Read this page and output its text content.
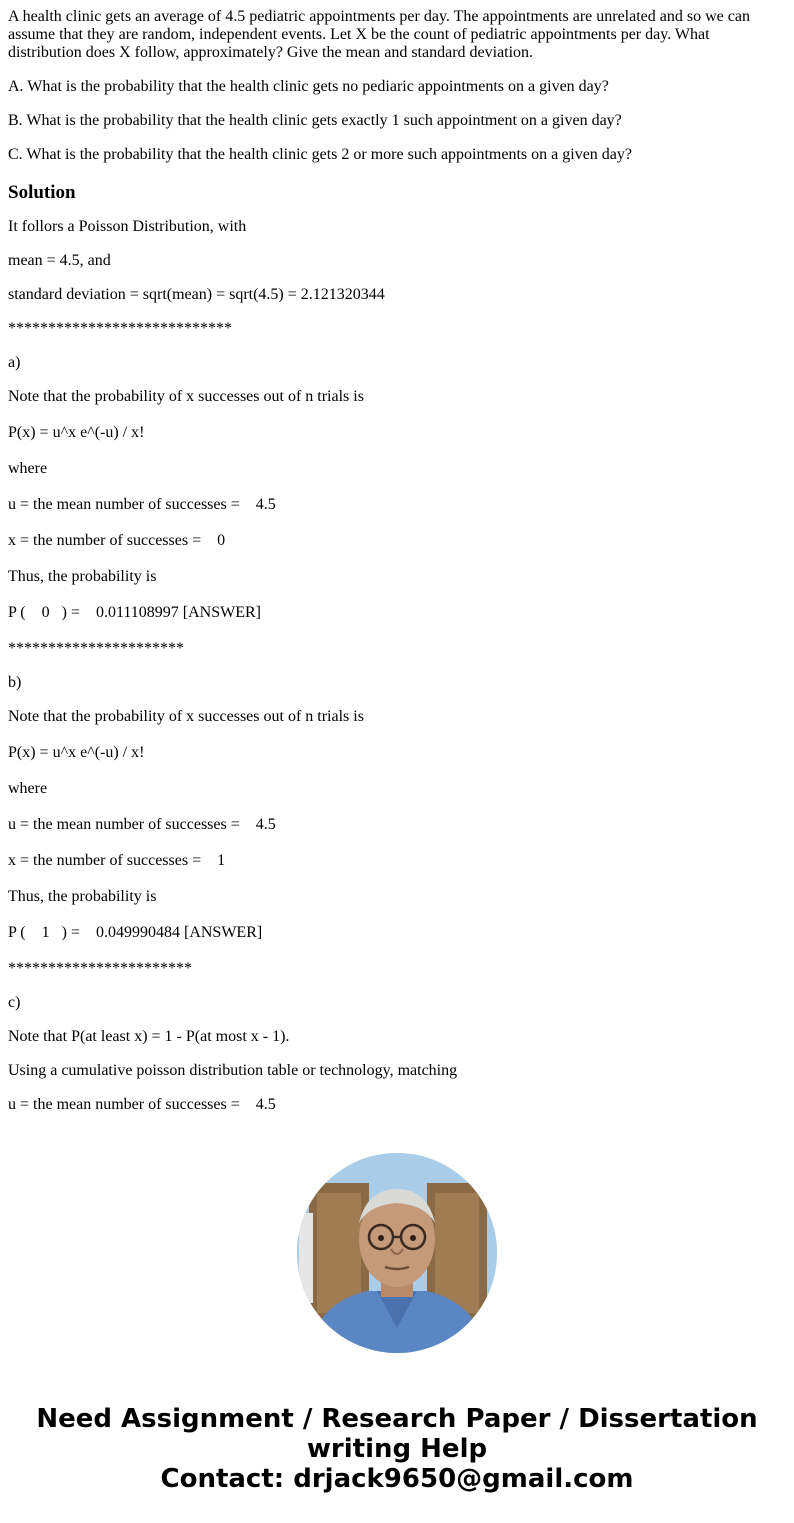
A health clinic gets an average of 4.5 pediatric appointments per day. The appointments are unrelated and so we can assume that they are random, independent events. Let X be the count of pediatric appointments per day. What distribution does X follow, approximately? Give the mean and standard deviation.

A. What is the probability that the health clinic gets no pediaric appointments on a given day?

B. What is the probability that the health clinic gets exactly 1 such appointment on a given day?

C. What is the probability that the health clinic gets 2 or more such appointments on a given day?

Solution

It follors a Poisson Distribution, with

mean = 4.5, and

standard deviation = sqrt(mean) = sqrt(4.5) = 2.121320344

****************************

a)

Note that the probability of x successes out of n trials is

P(x) = u^x e^(-u) / x!

where

u = the mean number of successes =    4.5

x = the number of successes =    0

Thus, the probability is

P (    0   ) =    0.011108997 [ANSWER]

**********************

b)

Note that the probability of x successes out of n trials is

P(x) = u^x e^(-u) / x!

where

u = the mean number of successes =    4.5

x = the number of successes =    1

Thus, the probability is

P (    1   ) =    0.049990484 [ANSWER]

***********************

c)

Note that P(at least x) = 1 - P(at most x - 1).

Using a cumulative poisson distribution table or technology, matching

u = the mean number of successes =    4.5

Need Assignment / Research Paper / Dissertation
writing Help
Contact: drjack9650@gmail.com
